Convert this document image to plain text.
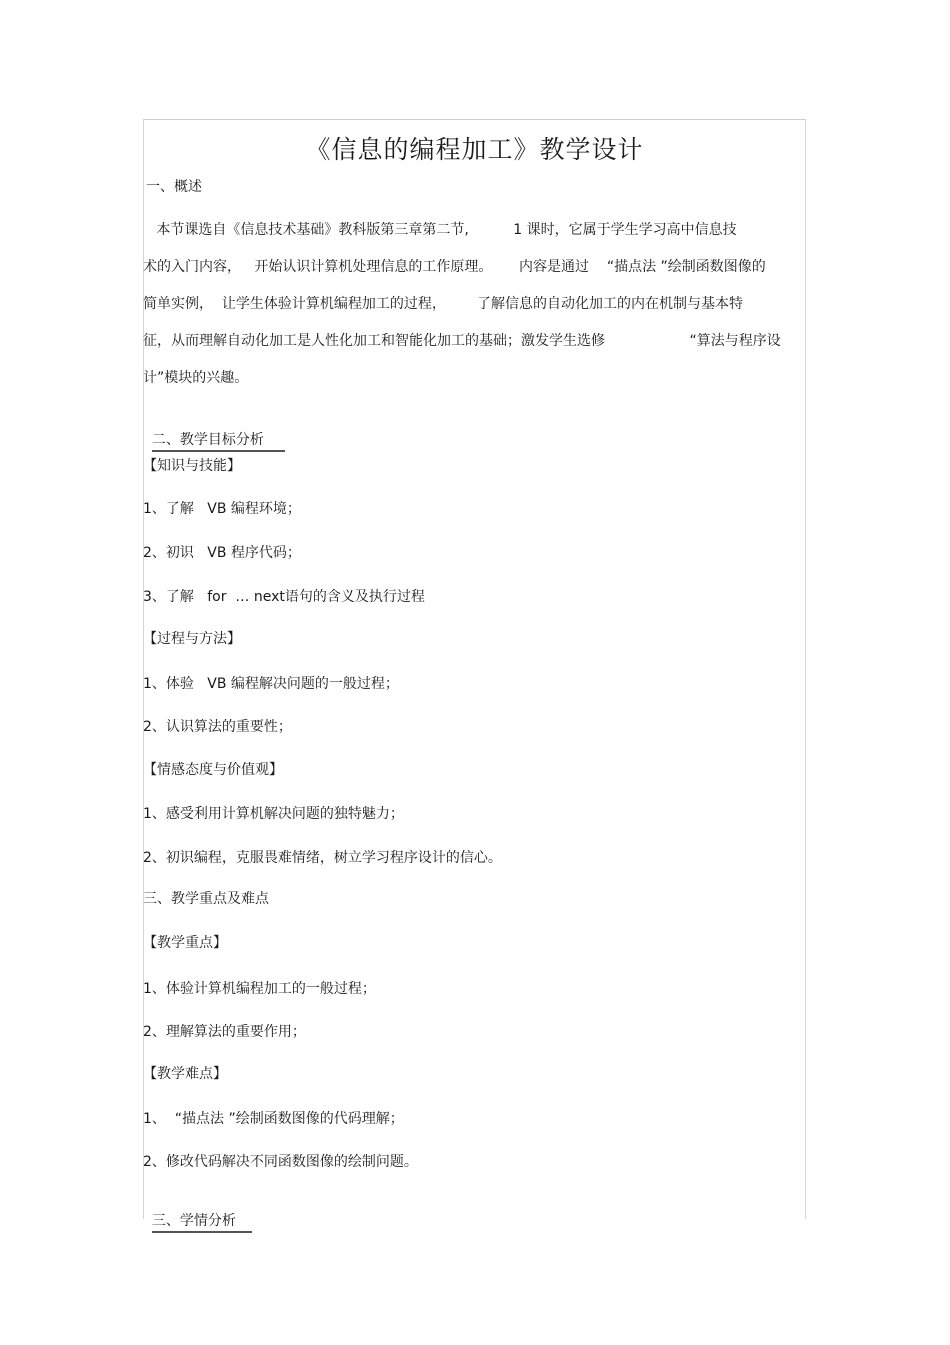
《信息的编程加工》教学设计
一、概述
本节课选自《信息技术基础》教科版第三章第二节,          1 课时，它属于学生学习高中信息技
术的入门内容，   开始认识计算机处理信息的工作原理。      内容是通过    “描点法 ”绘制函数图像的
简单实例，  让学生体验计算机编程加工的过程，       了解信息的自动化加工的内在机制与基本特
征，从而理解自动化加工是人性化加工和智能化加工的基础；激发学生选修                   “算法与程序设
计”模块的兴趣。

二、教学目标分析

【知识与技能】
1、了解   VB 编程环境；
2、初识   VB 程序代码；
3、了解   for  … next语句的含义及执行过程
【过程与方法】
1、体验   VB 编程解决问题的一般过程；
2、认识算法的重要性；
【情感态度与价值观】
1、感受利用计算机解决问题的独特魅力；
2、初识编程，克服畏难情绪，树立学习程序设计的信心。
三、教学重点及难点
【教学重点】
1、体验计算机编程加工的一般过程；
2、理解算法的重要作用；
【教学难点】
1、  “描点法 ”绘制函数图像的代码理解；
2、修改代码解决不同函数图像的绘制问题。

三、学情分析
